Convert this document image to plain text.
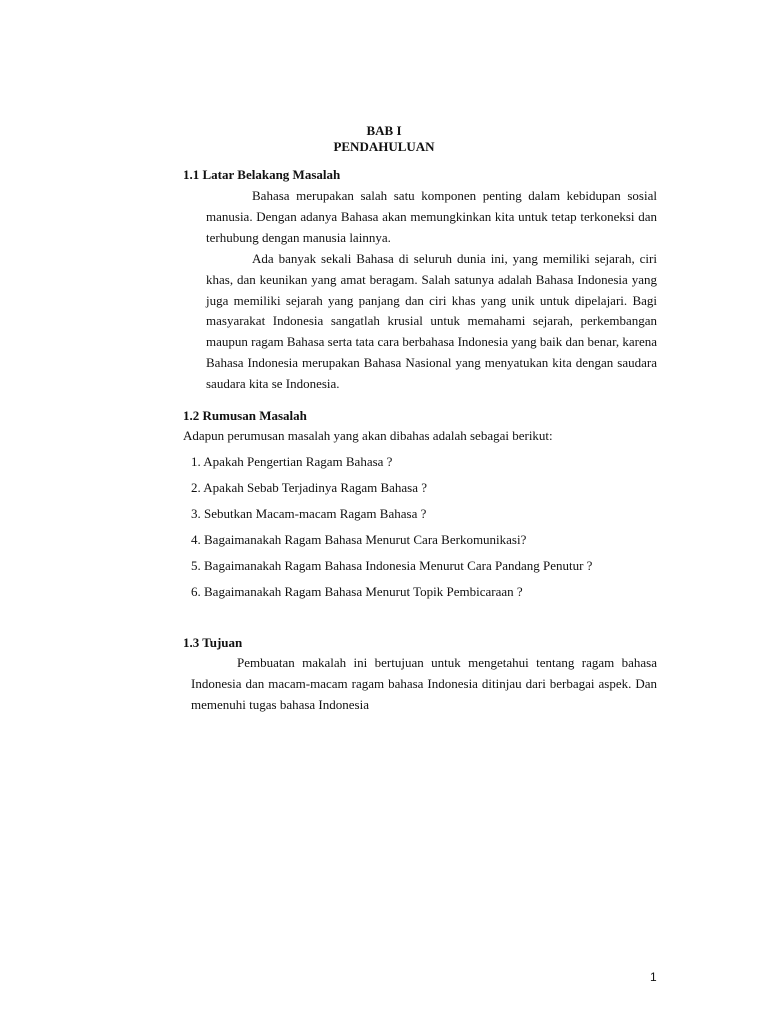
BAB I
PENDAHULUAN
1.1 Latar Belakang Masalah
Bahasa merupakan salah satu komponen penting dalam kebidupan sosial manusia. Dengan adanya Bahasa akan memungkinkan kita untuk tetap terkoneksi dan terhubung dengan manusia lainnya.
Ada banyak sekali Bahasa di seluruh dunia ini, yang memiliki sejarah, ciri khas, dan keunikan yang amat beragam. Salah satunya adalah Bahasa Indonesia yang juga memiliki sejarah yang panjang dan ciri khas yang unik untuk dipelajari. Bagi masyarakat Indonesia sangatlah krusial untuk memahami sejarah, perkembangan maupun ragam Bahasa serta tata cara berbahasa Indonesia yang baik dan benar, karena Bahasa Indonesia merupakan Bahasa Nasional yang menyatukan kita dengan saudara saudara kita se Indonesia.
1.2 Rumusan Masalah
Adapun perumusan masalah yang akan dibahas adalah sebagai berikut:
1. Apakah Pengertian Ragam Bahasa ?
2. Apakah Sebab Terjadinya Ragam Bahasa ?
3. Sebutkan Macam-macam Ragam Bahasa ?
4. Bagaimanakah Ragam Bahasa Menurut Cara Berkomunikasi?
5. Bagaimanakah Ragam Bahasa Indonesia Menurut Cara Pandang Penutur ?
6. Bagaimanakah Ragam Bahasa Menurut Topik Pembicaraan ?
1.3 Tujuan
Pembuatan makalah ini bertujuan untuk mengetahui tentang ragam bahasa Indonesia dan macam-macam ragam bahasa Indonesia ditinjau dari berbagai aspek. Dan memenuhi tugas bahasa Indonesia
1
